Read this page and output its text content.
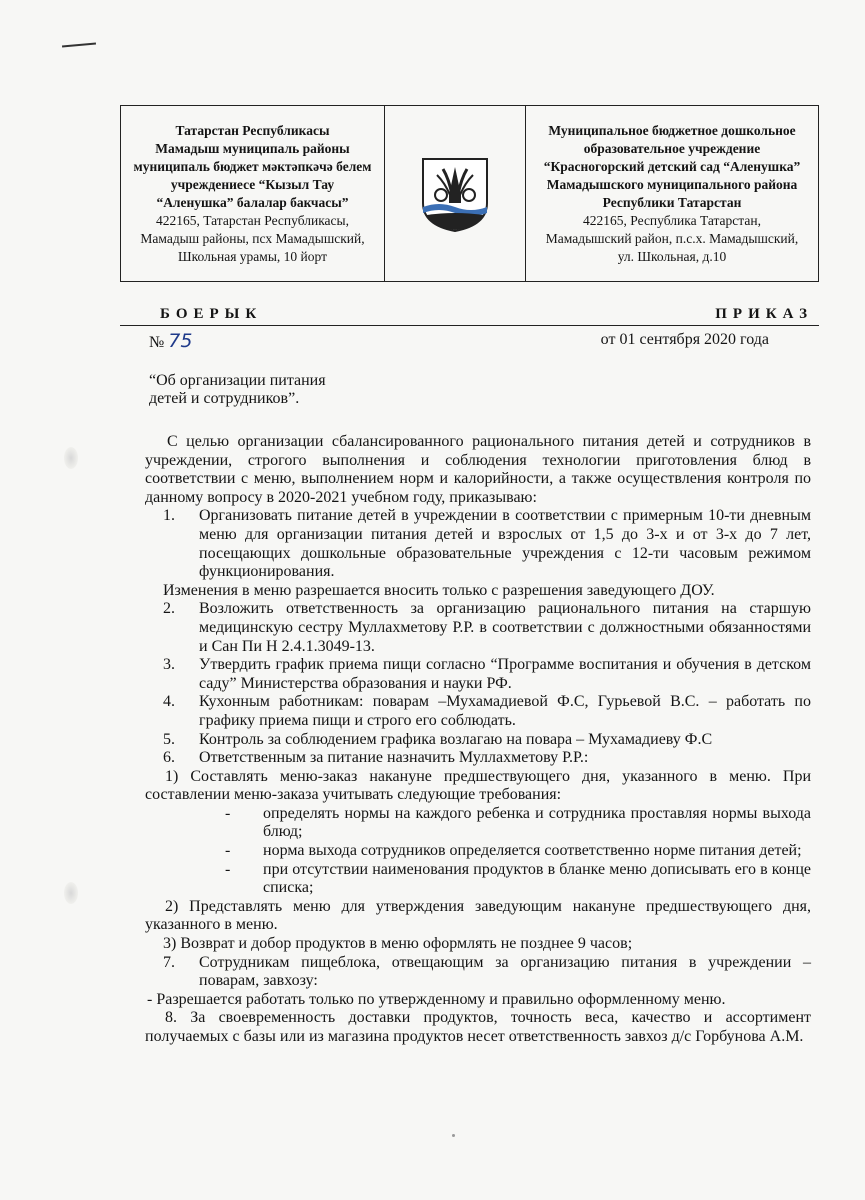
Татарстан Республикасы
Мамадыш муниципаль районы
муниципаль бюджет мәктәпкәчә белем
учреждениесе “Кызыл Тау
“Аленушка” балалар бакчасы”
422165, Татарстан Республикасы,
Мамадыш районы, псх Мамадышский,
Школьная урамы, 10 йорт
Муниципальное бюджетное дошкольное
образовательное учреждение
“Красногорский детский сад “Аленушка”
Мамадышского муниципального района
Республики Татарстан
422165, Республика Татарстан,
Мамадышский район, п.с.х. Мамадышский,
ул. Школьная, д.10
БОЕРЫК	ПРИКАЗ
№ 75	от 01 сентября 2020 года
“Об организации питания
детей и сотрудников”.

С целью организации сбалансированного рационального питания детей и сотрудников в учреждении, строгого выполнения и соблюдения технологии приготовления блюд в соответствии с меню, выполнением норм и калорийности, а также осуществления контроля по данному вопросу в 2020-2021 учебном году, приказываю:

1.	Организовать питание детей в учреждении в соответствии с примерным 10-ти дневным меню для организации питания детей и взрослых от 1,5 до 3-х и от 3-х до 7 лет, посещающих дошкольные образовательные учреждения с 12-ти часовым режимом функционирования.

Изменения в меню разрешается вносить только с разрешения заведующего ДОУ.

2.	Возложить ответственность за организацию рационального питания на старшую медицинскую сестру Муллахметову Р.Р. в соответствии с должностными обязанностями и Сан Пи Н 2.4.1.3049-13.
3.	Утвердить график приема пищи согласно “Программе воспитания и обучения в детском саду” Министерства образования и науки РФ.
4.	Кухонным работникам: поварам –Мухамадиевой Ф.С, Гурьевой В.С. – работать по графику приема пищи и строго его соблюдать.
5.	Контроль за соблюдением графика возлагаю на повара – Мухамадиеву Ф.С
6.	Ответственным за питание назначить Муллахметову Р.Р.:

1) Составлять меню-заказ накануне предшествующего дня, указанного в меню. При составлении меню-заказа учитывать следующие требования:

-	определять нормы на каждого ребенка и сотрудника проставляя нормы выхода блюд;
-	норма выхода сотрудников определяется соответственно норме питания детей;
-	при отсутствии наименования продуктов в бланке меню дописывать его в конце списка;

2) Представлять меню для утверждения заведующим накануне предшествующего дня, указанного в меню.

3) Возврат и добор продуктов в меню оформлять не позднее 9 часов;

7.	Сотрудникам пищеблока, отвещающим за организацию питания в учреждении – поварам, завхозу:

- Разрешается работать только по утвержденному и правильно оформленному меню.

8. За своевременность доставки продуктов, точность веса, качество и ассортимент получаемых с базы или из магазина продуктов несет ответственность завхоз д/с Горбунова А.М.
